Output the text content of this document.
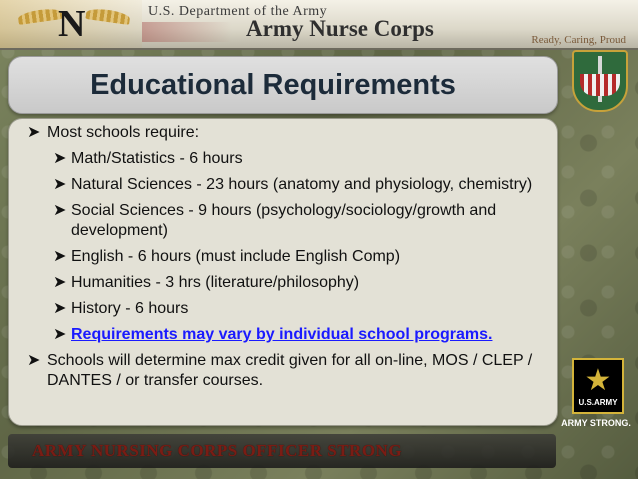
N	U.S. Department of the Army
Army Nurse Corps	Ready, Caring, Proud
Educational Requirements
➤ Most schools require:
➤ Math/Statistics - 6 hours
➤ Natural Sciences - 23 hours (anatomy and physiology, chemistry)
➤ Social Sciences - 9 hours (psychology/sociology/growth and development)
➤ English - 6 hours (must include English Comp)
➤ Humanities - 3 hrs (literature/philosophy)
➤ History - 6 hours
➤ Requirements may vary by individual school programs.
➤ Schools will determine max credit given for all on-line, MOS / CLEP / DANTES / or transfer courses.	★
U.S.ARMY
ARMY STRONG.
ARMY NURSING CORPS OFFICER STRONG
